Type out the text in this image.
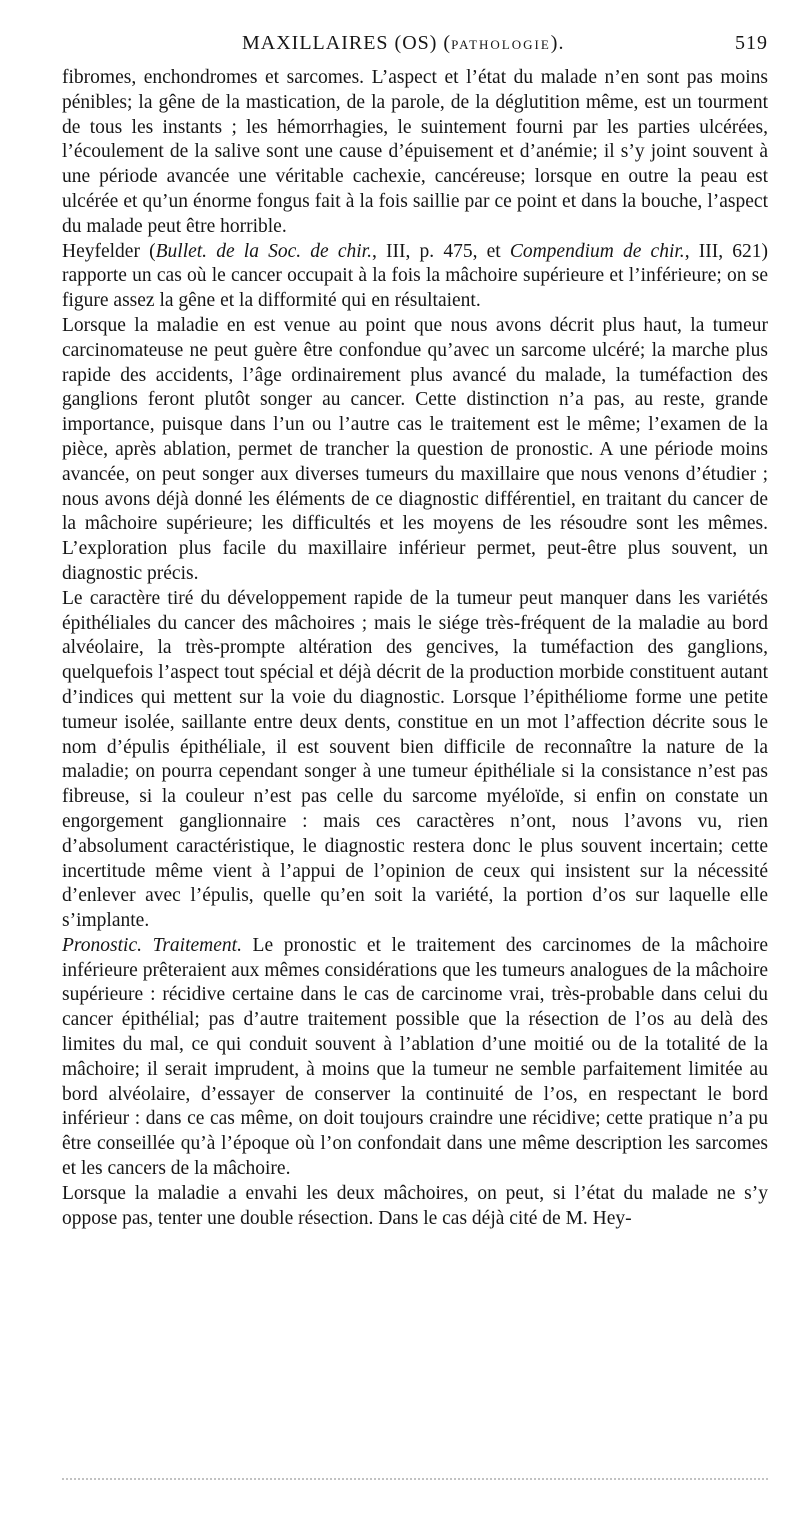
MAXILLAIRES (OS) (PATHOLOGIE).	519

fibromes, enchondromes et sarcomes. L’aspect et l’état du malade n’en sont pas moins pénibles; la gêne de la mastication, de la parole, de la déglutition même, est un tourment de tous les instants ; les hémorrhagies, le suintement fourni par les parties ulcérées, l’écoulement de la salive sont une cause d’épuisement et d’anémie; il s’y joint souvent à une période avancée une véritable cachexie, cancéreuse; lorsque en outre la peau est ulcérée et qu’un énorme fongus fait à la fois saillie par ce point et dans la bouche, l’aspect du malade peut être horrible.

Heyfelder (Bullet. de la Soc. de chir., III, p. 475, et Compendium de chir., III, 621) rapporte un cas où le cancer occupait à la fois la mâchoire supérieure et l’inférieure; on se figure assez la gêne et la difformité qui en résultaient.

Lorsque la maladie en est venue au point que nous avons décrit plus haut, la tumeur carcinomateuse ne peut guère être confondue qu’avec un sarcome ulcéré; la marche plus rapide des accidents, l’âge ordinairement plus avancé du malade, la tuméfaction des ganglions feront plutôt songer au cancer. Cette distinction n’a pas, au reste, grande importance, puisque dans l’un ou l’autre cas le traitement est le même; l’examen de la pièce, après ablation, permet de trancher la question de pronostic. A une période moins avancée, on peut songer aux diverses tumeurs du maxillaire que nous venons d’étudier ; nous avons déjà donné les éléments de ce diagnostic différentiel, en traitant du cancer de la mâchoire supérieure; les difficultés et les moyens de les résoudre sont les mêmes. L’exploration plus facile du maxillaire inférieur permet, peut-être plus souvent, un diagnostic précis.

Le caractère tiré du développement rapide de la tumeur peut manquer dans les variétés épithéliales du cancer des mâchoires ; mais le siége très-fréquent de la maladie au bord alvéolaire, la très-prompte altération des gencives, la tuméfaction des ganglions, quelquefois l’aspect tout spécial et déjà décrit de la production morbide constituent autant d’indices qui mettent sur la voie du diagnostic. Lorsque l’épithéliome forme une petite tumeur isolée, saillante entre deux dents, constitue en un mot l’affection décrite sous le nom d’épulis épithéliale, il est souvent bien difficile de reconnaître la nature de la maladie; on pourra cependant songer à une tumeur épithéliale si la consistance n’est pas fibreuse, si la couleur n’est pas celle du sarcome myéloïde, si enfin on constate un engorgement ganglionnaire : mais ces caractères n’ont, nous l’avons vu, rien d’absolument caractéristique, le diagnostic restera donc le plus souvent incertain; cette incertitude même vient à l’appui de l’opinion de ceux qui insistent sur la nécessité d’enlever avec l’épulis, quelle qu’en soit la variété, la portion d’os sur laquelle elle s’implante.

Pronostic. Traitement. Le pronostic et le traitement des carcinomes de la mâchoire inférieure prêteraient aux mêmes considérations que les tumeurs analogues de la mâchoire supérieure : récidive certaine dans le cas de carcinome vrai, très-probable dans celui du cancer épithélial; pas d’autre traitement possible que la résection de l’os au delà des limites du mal, ce qui conduit souvent à l’ablation d’une moitié ou de la totalité de la mâchoire; il serait imprudent, à moins que la tumeur ne semble parfaitement limitée au bord alvéolaire, d’essayer de conserver la continuité de l’os, en respectant le bord inférieur : dans ce cas même, on doit toujours craindre une récidive; cette pratique n’a pu être conseillée qu’à l’époque où l’on confondait dans une même description les sarcomes et les cancers de la mâchoire.

Lorsque la maladie a envahi les deux mâchoires, on peut, si l’état du malade ne s’y oppose pas, tenter une double résection. Dans le cas déjà cité de M. Hey-
